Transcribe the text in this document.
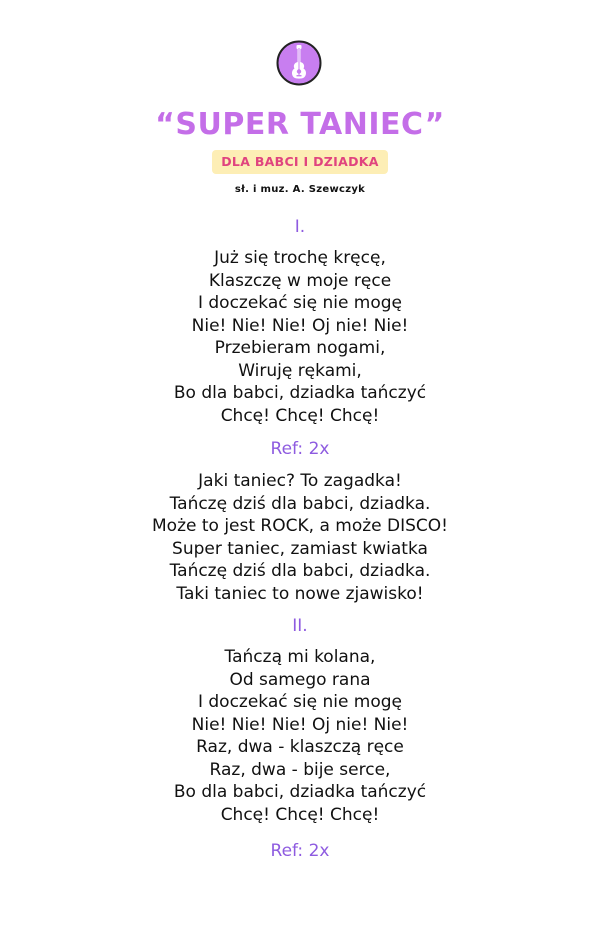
“SUPER TANIEC”
DLA BABCI I DZIADKA
sł. i muz. A. Szewczyk
I.
Już się trochę kręcę,
Klaszczę w moje ręce
I doczekać się nie mogę
Nie! Nie! Nie! Oj nie! Nie!
Przebieram nogami,
Wiruję rękami,
Bo dla babci, dziadka tańczyć
Chcę! Chcę! Chcę!
Ref: 2x
Jaki taniec? To zagadka!
Tańczę dziś dla babci, dziadka.
Może to jest ROCK, a może DISCO!
Super taniec, zamiast kwiatka
Tańczę dziś dla babci, dziadka.
Taki taniec to nowe zjawisko!
II.
Tańczą mi kolana,
Od samego rana
I doczekać się nie mogę
Nie! Nie! Nie! Oj nie! Nie!
Raz, dwa - klaszczą ręce
Raz, dwa - bije serce,
Bo dla babci, dziadka tańczyć
Chcę! Chcę! Chcę!
Ref: 2x
